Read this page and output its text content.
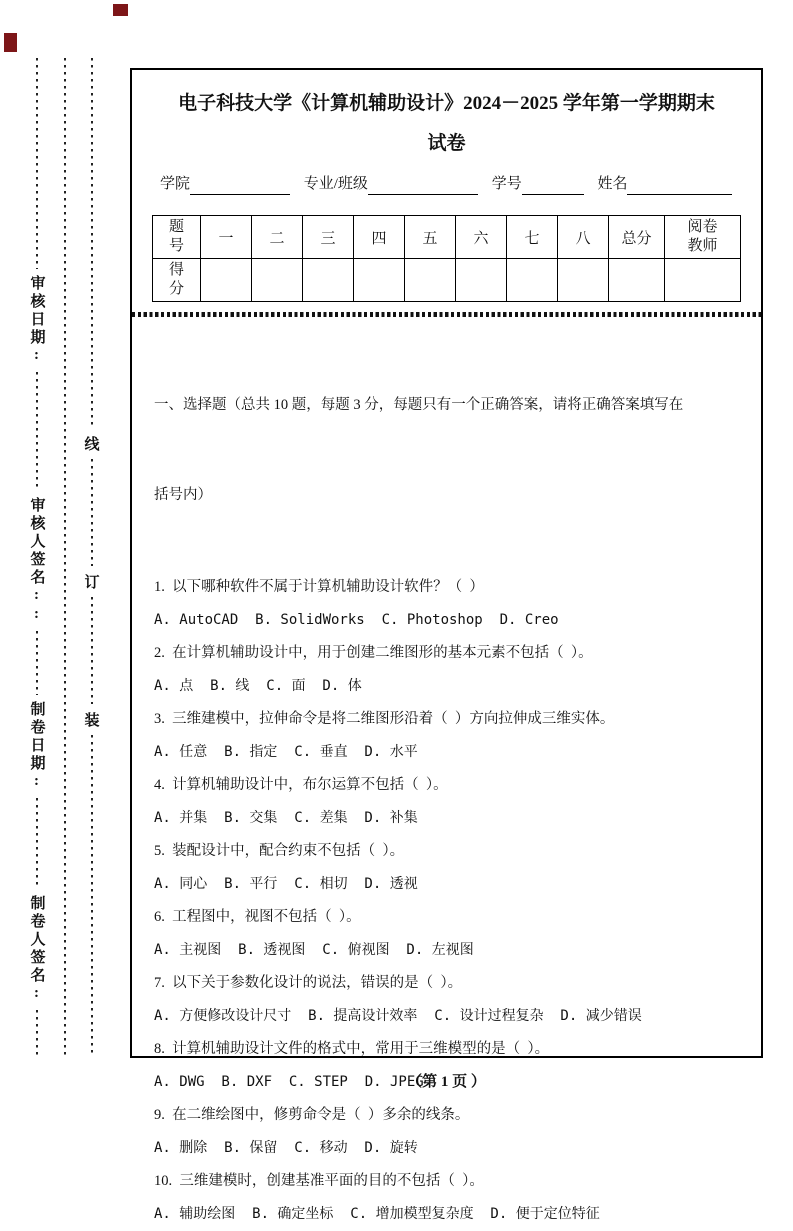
审核日期:
审核人签名::
制卷日期:
制卷人签名:
线
订
装
电子科技大学《计算机辅助设计》2024－2025 学年第一学期期末
试卷
学院	专业/班级	学号	姓名
题号	一	二	三	四	五	六	七	八	总分	阅卷教师
得分										

一、选择题（总共 10 题，每题 3 分，每题只有一个正确答案，请将正确答案填写在

括号内）

1.  以下哪种软件不属于计算机辅助设计软件？（  ）
A. AutoCAD  B. SolidWorks  C. Photoshop  D. Creo
2.  在计算机辅助设计中，用于创建二维图形的基本元素不包括（  ）。
A. 点  B. 线  C. 面  D. 体
3.  三维建模中，拉伸命令是将二维图形沿着（  ）方向拉伸成三维实体。
A. 任意  B. 指定  C. 垂直  D. 水平
4.  计算机辅助设计中，布尔运算不包括（  ）。
A. 并集  B. 交集  C. 差集  D. 补集
5.  装配设计中，配合约束不包括（  ）。
A. 同心  B. 平行  C. 相切  D. 透视
6.  工程图中，视图不包括（  ）。
A. 主视图  B. 透视图  C. 俯视图  D. 左视图
7.  以下关于参数化设计的说法，错误的是（  ）。
A. 方便修改设计尺寸  B. 提高设计效率  C. 设计过程复杂  D. 减少错误
8.  计算机辅助设计文件的格式中，常用于三维模型的是（  ）。
A. DWG  B. DXF  C. STEP  D. JPEG
9.  在二维绘图中，修剪命令是（  ）多余的线条。
A. 删除  B. 保留  C. 移动  D. 旋转
10.  三维建模时，创建基准平面的目的不包括（  ）。
A. 辅助绘图  B. 确定坐标  C. 增加模型复杂度  D. 便于定位特征
（第 1 页 ）
